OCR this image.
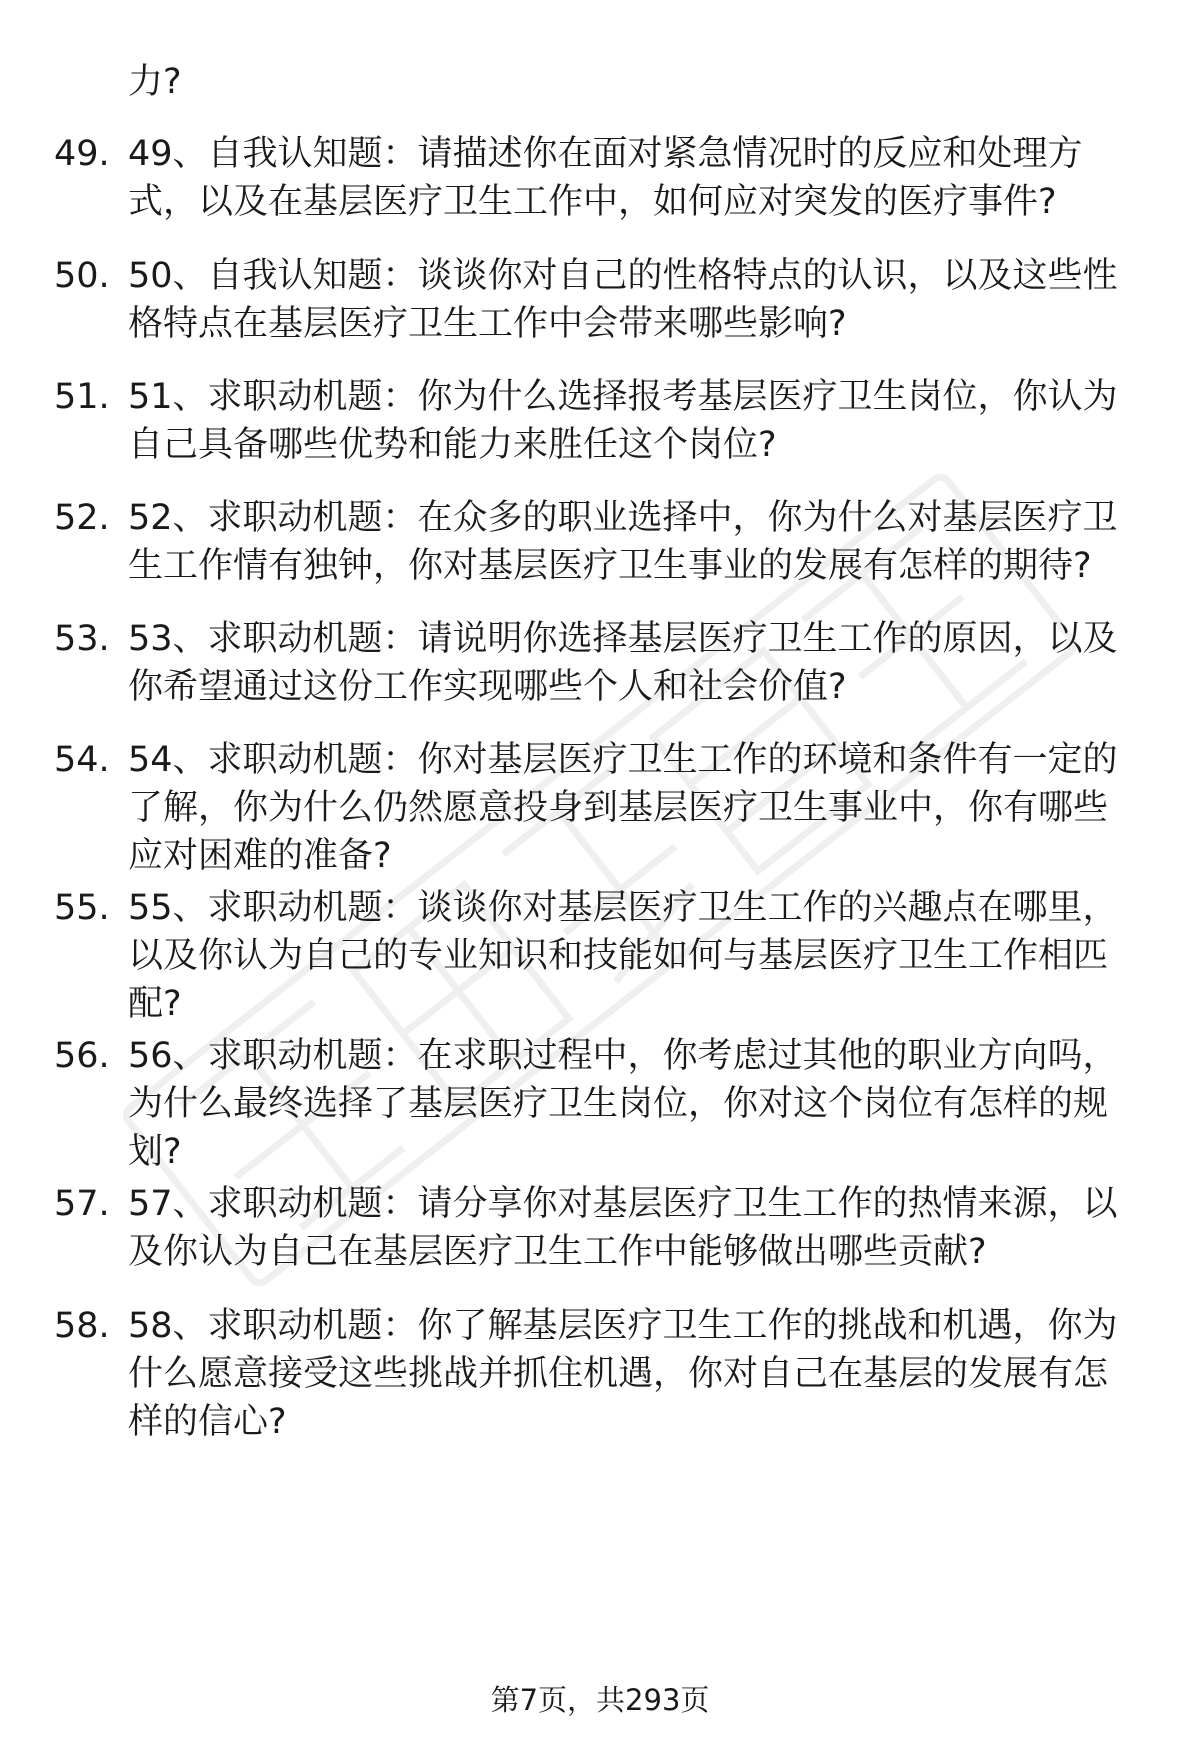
力?
49. 49、自我认知题：请描述你在面对紧急情况时的反应和处理方
式，以及在基层医疗卫生工作中，如何应对突发的医疗事件?
50. 50、自我认知题：谈谈你对自己的性格特点的认识，以及这些性
格特点在基层医疗卫生工作中会带来哪些影响?
51. 51、求职动机题：你为什么选择报考基层医疗卫生岗位，你认为
自己具备哪些优势和能力来胜任这个岗位?
52. 52、求职动机题：在众多的职业选择中，你为什么对基层医疗卫
生工作情有独钟，你对基层医疗卫生事业的发展有怎样的期待?
53. 53、求职动机题：请说明你选择基层医疗卫生工作的原因，以及
你希望通过这份工作实现哪些个人和社会价值?
54. 54、求职动机题：你对基层医疗卫生工作的环境和条件有一定的
了解，你为什么仍然愿意投身到基层医疗卫生事业中，你有哪些
应对困难的准备?
55. 55、求职动机题：谈谈你对基层医疗卫生工作的兴趣点在哪里，
以及你认为自己的专业知识和技能如何与基层医疗卫生工作相匹
配?
56. 56、求职动机题：在求职过程中，你考虑过其他的职业方向吗，
为什么最终选择了基层医疗卫生岗位，你对这个岗位有怎样的规
划?
57. 57、求职动机题：请分享你对基层医疗卫生工作的热情来源，以
及你认为自己在基层医疗卫生工作中能够做出哪些贡献?
58. 58、求职动机题：你了解基层医疗卫生工作的挑战和机遇，你为
什么愿意接受这些挑战并抓住机遇，你对自己在基层的发展有怎
样的信心?
第7页，共293页
